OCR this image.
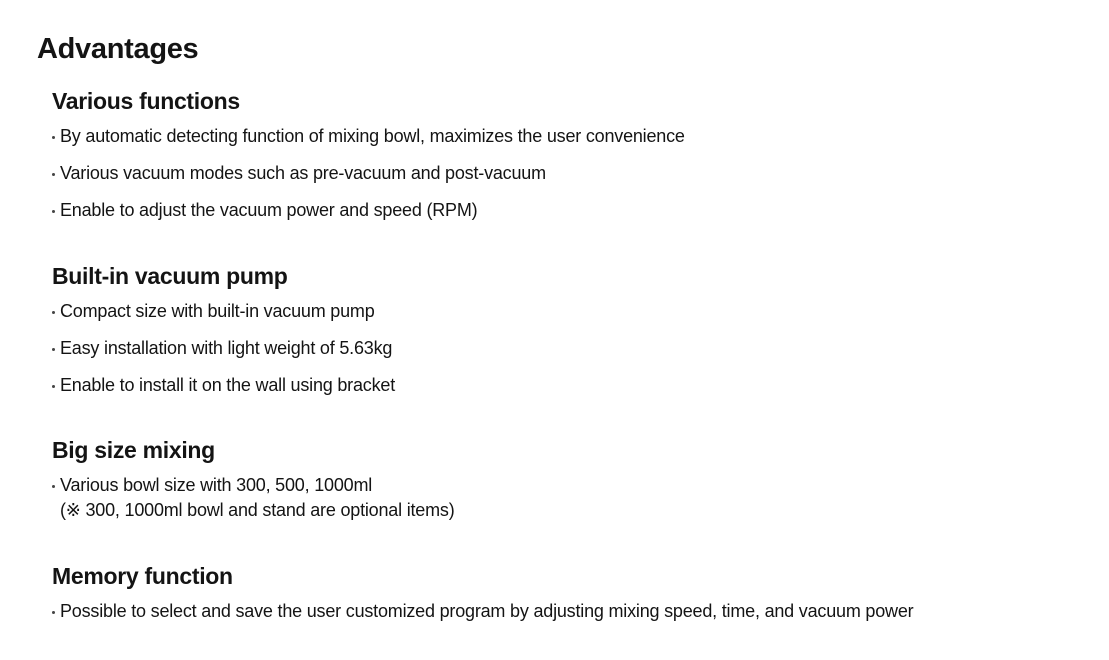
Advantages
Various functions
By automatic detecting function of mixing bowl, maximizes the user convenience
Various vacuum modes such as pre-vacuum and post-vacuum
Enable to adjust the vacuum power and speed (RPM)
Built-in vacuum pump
Compact size with built-in vacuum pump
Easy installation with light weight of 5.63kg
Enable to install it on the wall using bracket
Big size mixing
Various bowl size with 300, 500, 1000ml
(※ 300, 1000ml bowl and stand are optional items)
Memory function
Possible to select and save the user customized program by adjusting mixing speed, time, and vacuum power
